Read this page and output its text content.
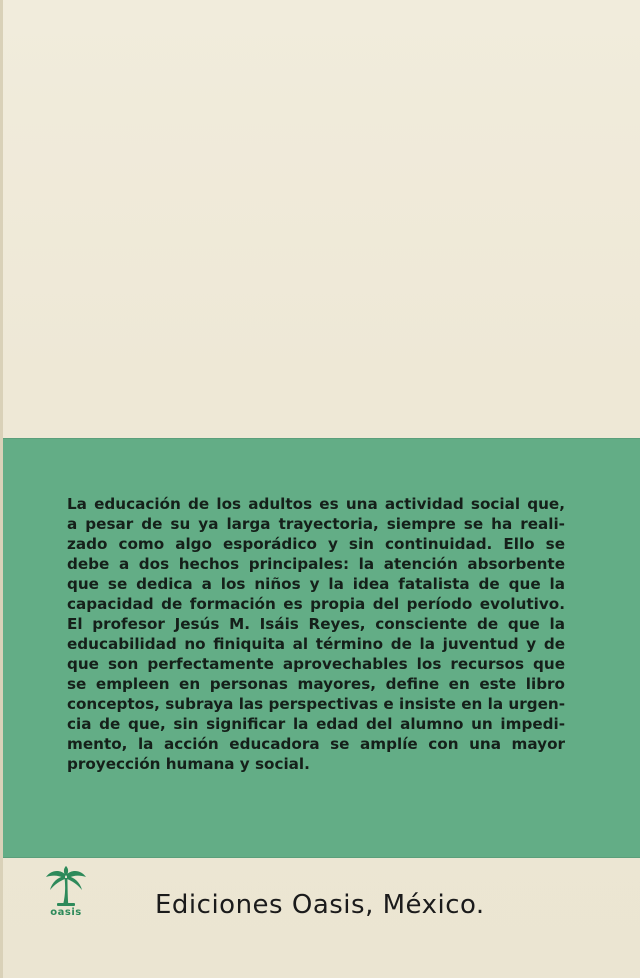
La educación de los adultos es una actividad social que,
a pesar de su ya larga trayectoria, siempre se ha reali-
zado como algo esporádico y sin continuidad. Ello se
debe a dos hechos principales: la atención absorbente
que se dedica a los niños y la idea fatalista de que la
capacidad de formación es propia del período evolutivo.
El profesor Jesús M. Isáis Reyes, consciente de que la
educabilidad no finiquita al término de la juventud y de
que son perfectamente aprovechables los recursos que
se empleen en personas mayores, define en este libro
conceptos, subraya las perspectivas e insiste en la urgen-
cia de que, sin significar la edad del alumno un impedi-
mento, la acción educadora se amplíe con una mayor
proyección humana y social.

oasis	Ediciones Oasis, México.
